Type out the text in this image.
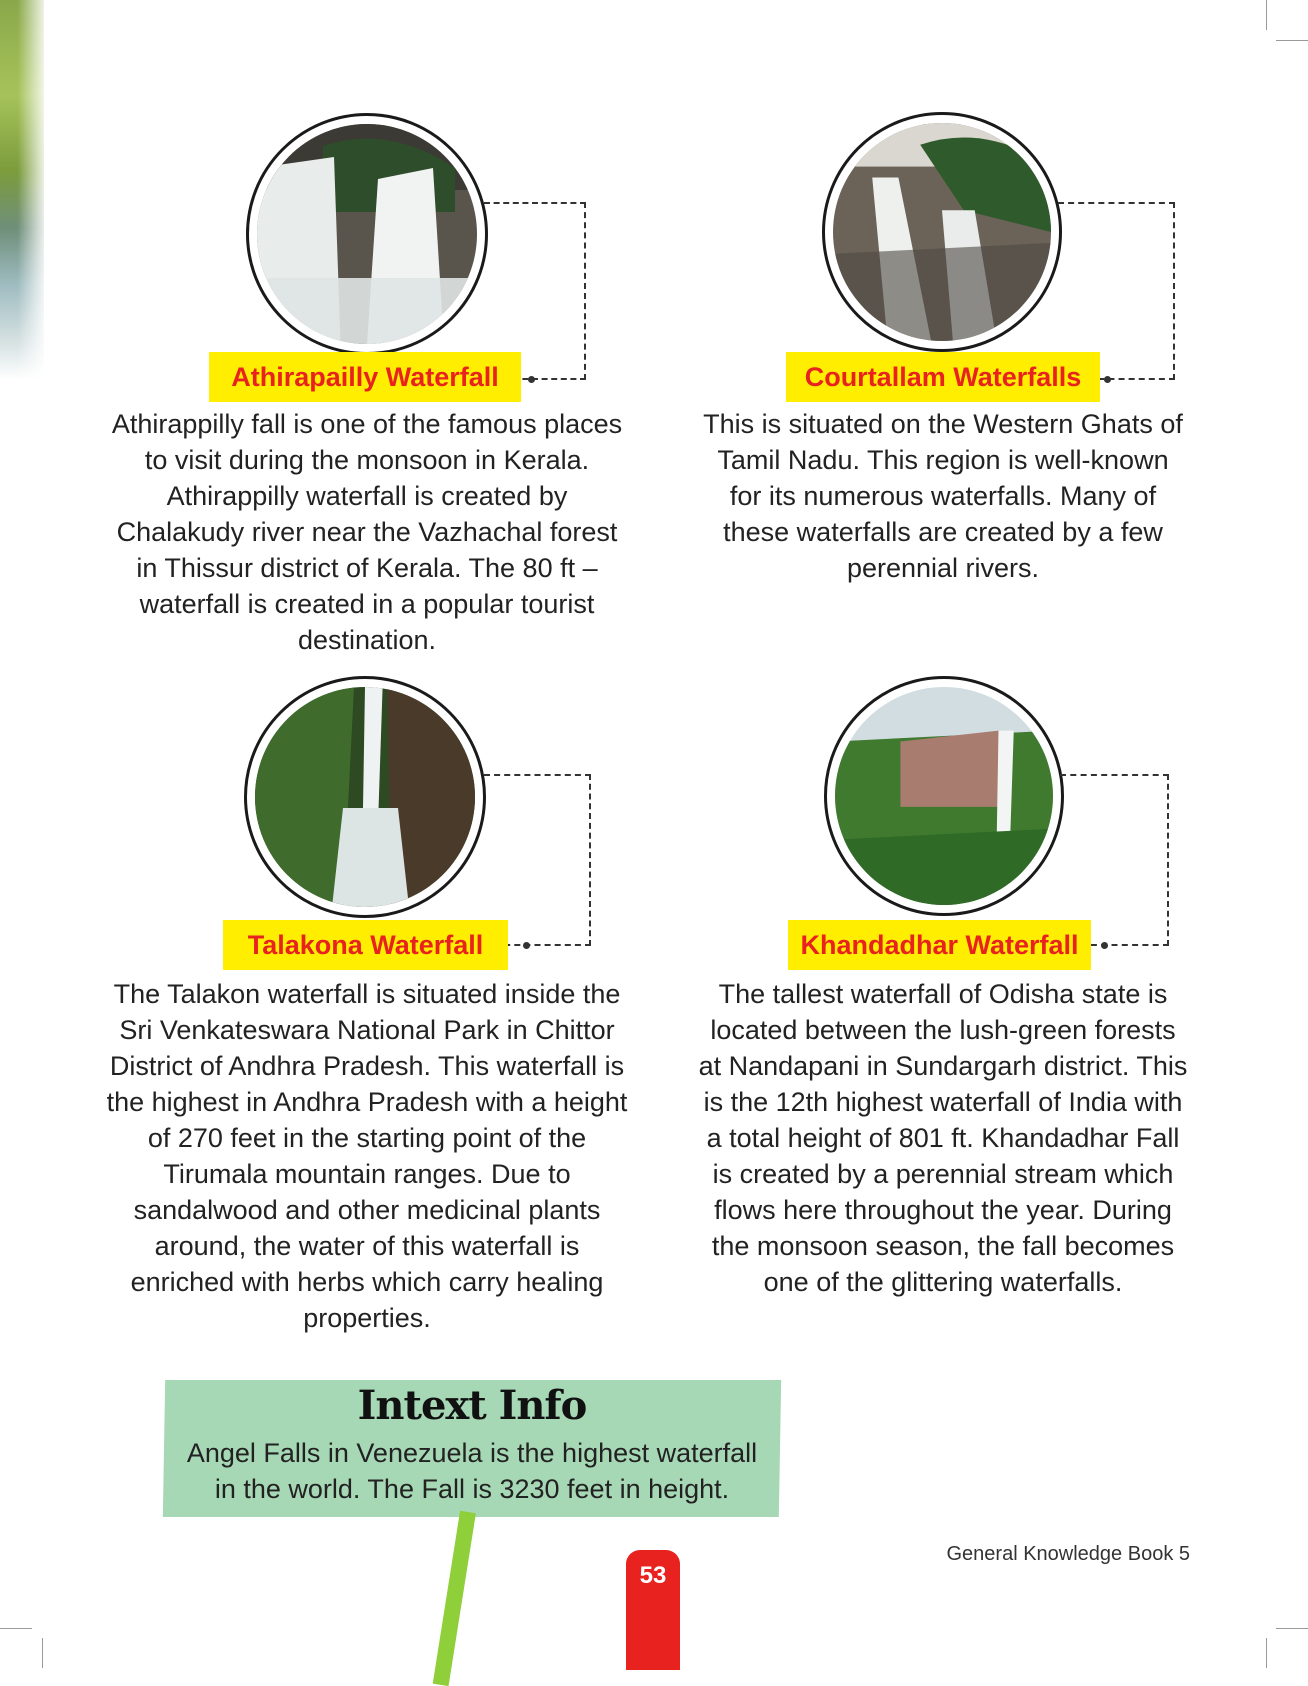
Athirapailly Waterfall
Athirappilly fall is one of the famous places to visit during the monsoon in Kerala. Athirappilly waterfall is created by Chalakudy river near the Vazhachal forest in Thissur district of Kerala. The 80 ft – waterfall is created in a popular tourist destination.
Courtallam Waterfalls
This is situated on the Western Ghats of Tamil Nadu. This region is well-known for its numerous waterfalls. Many of these waterfalls are created by a few perennial rivers.
Talakona Waterfall
The Talakon waterfall is situated inside the Sri Venkateswara National Park in Chittor District of Andhra Pradesh. This waterfall is the highest in Andhra Pradesh with a height of 270 feet in the starting point of the Tirumala mountain ranges. Due to sandalwood and other medicinal plants around, the water of this waterfall is enriched with herbs which carry healing properties.
Khandadhar Waterfall
The tallest waterfall of Odisha state is located between the lush-green forests at Nandapani in Sundargarh district. This is the 12th highest waterfall of India with a total height of 801 ft. Khandadhar Fall is created by a perennial stream which flows here throughout the year. During the monsoon season, the fall becomes one of the glittering waterfalls.
Intext Info
Angel Falls in Venezuela is the highest waterfall in the world. The Fall is 3230 feet in height.
53
General Knowledge Book 5
